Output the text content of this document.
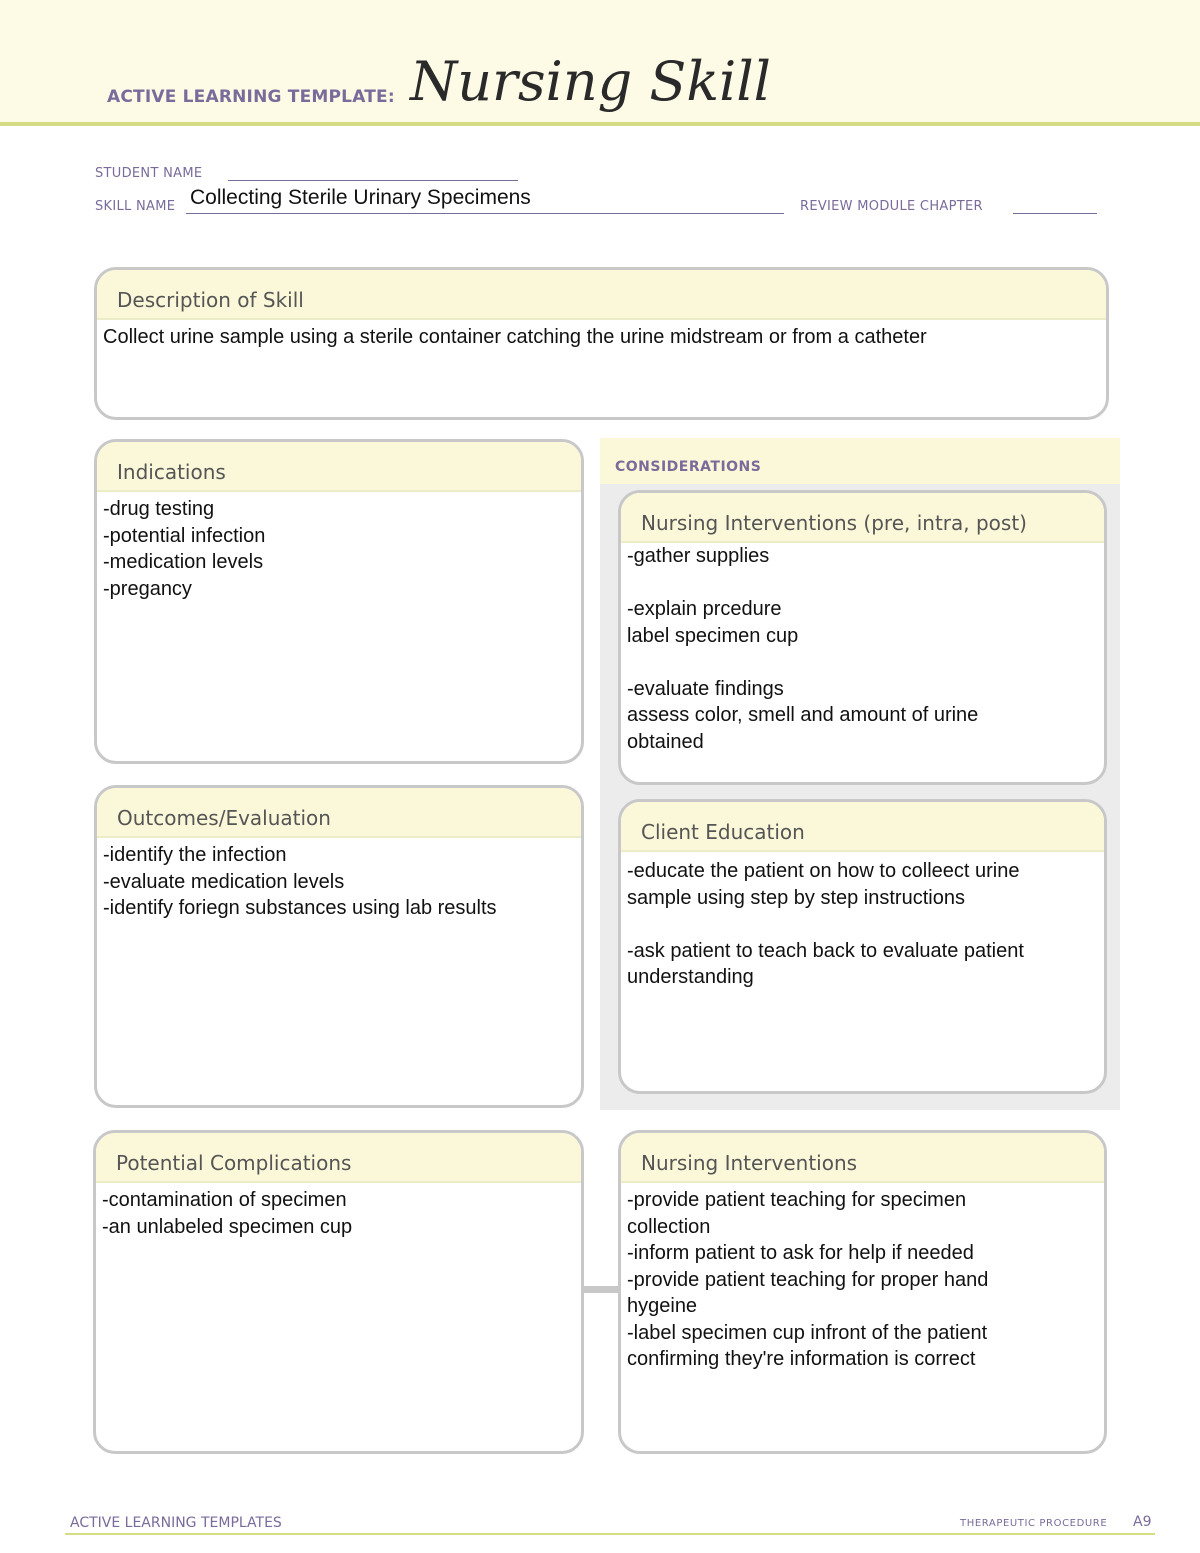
ACTIVE LEARNING TEMPLATE: Nursing Skill
STUDENT NAME
SKILL NAME Collecting Sterile Urinary Specimens	REVIEW MODULE CHAPTER
Description of Skill
Collect urine sample using a sterile container catching the urine midstream or from a catheter
Indications
-drug testing
-potential infection
-medication levels
-pregancy
Outcomes/Evaluation
-identify the infection
-evaluate medication levels
-identify foriegn substances using lab results
CONSIDERATIONS
Nursing Interventions (pre, intra, post)
-gather supplies
-explain prcedure
label specimen cup
-evaluate findings
assess color, smell and amount of urine
obtained
Client Education
-educate the patient on how to colleect urine
sample using step by step instructions
-ask patient to teach back to evaluate patient
understanding
Potential Complications
-contamination of specimen
-an unlabeled specimen cup
Nursing Interventions
-provide patient teaching for specimen
collection
-inform patient to ask for help if needed
-provide patient teaching for proper hand
hygeine
-label specimen cup infront of the patient
confirming they're information is correct
ACTIVE LEARNING TEMPLATES	THERAPEUTIC PROCEDURE A9
